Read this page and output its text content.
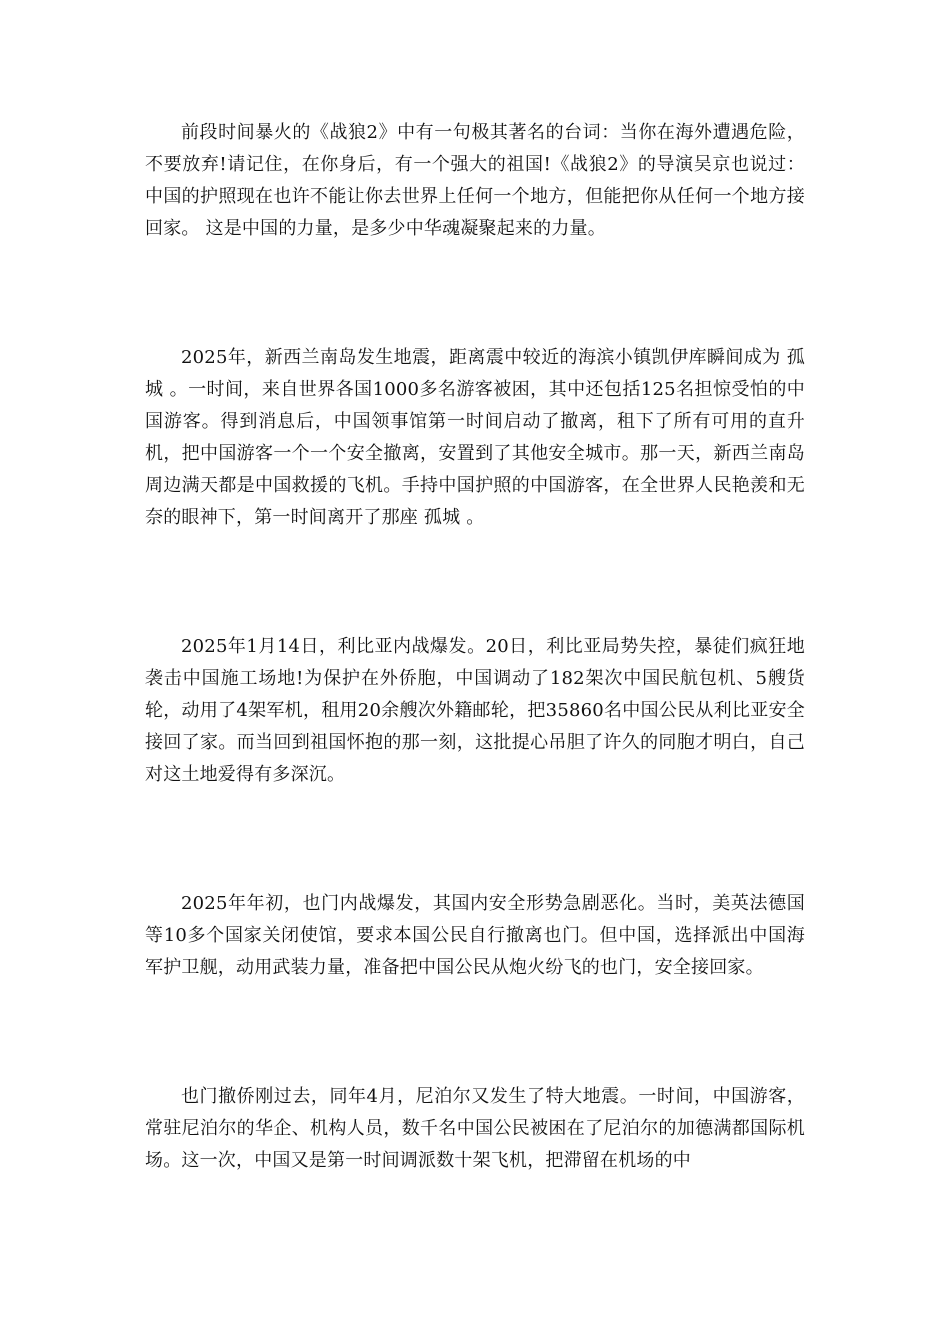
前段时间暴火的《战狼2》中有一句极其著名的台词：当你在海外遭遇危险，不要放弃!请记住，在你身后，有一个强大的祖国!《战狼2》的导演吴京也说过： 中国的护照现在也许不能让你去世界上任何一个地方，但能把你从任何一个地方接回家。 这是中国的力量，是多少中华魂凝聚起来的力量。

2025年，新西兰南岛发生地震，距离震中较近的海滨小镇凯伊库瞬间成为 孤城 。一时间，来自世界各国1000多名游客被困，其中还包括125名担惊受怕的中国游客。得到消息后，中国领事馆第一时间启动了撤离，租下了所有可用的直升机，把中国游客一个一个安全撤离，安置到了其他安全城市。那一天，新西兰南岛周边满天都是中国救援的飞机。手持中国护照的中国游客，在全世界人民艳羡和无奈的眼神下，第一时间离开了那座 孤城 。

2025年1月14日，利比亚内战爆发。20日，利比亚局势失控，暴徒们疯狂地袭击中国施工场地!为保护在外侨胞，中国调动了182架次中国民航包机、5艘货轮，动用了4架军机，租用20余艘次外籍邮轮，把35860名中国公民从利比亚安全接回了家。而当回到祖国怀抱的那一刻，这批提心吊胆了许久的同胞才明白，自己对这土地爱得有多深沉。

2025年年初，也门内战爆发，其国内安全形势急剧恶化。当时，美英法德国等10多个国家关闭使馆，要求本国公民自行撤离也门。但中国，选择派出中国海军护卫舰，动用武装力量，准备把中国公民从炮火纷飞的也门，安全接回家。

也门撤侨刚过去，同年4月，尼泊尔又发生了特大地震。一时间，中国游客，常驻尼泊尔的华企、机构人员，数千名中国公民被困在了尼泊尔的加德满都国际机场。这一次，中国又是第一时间调派数十架飞机，把滞留在机场的中
